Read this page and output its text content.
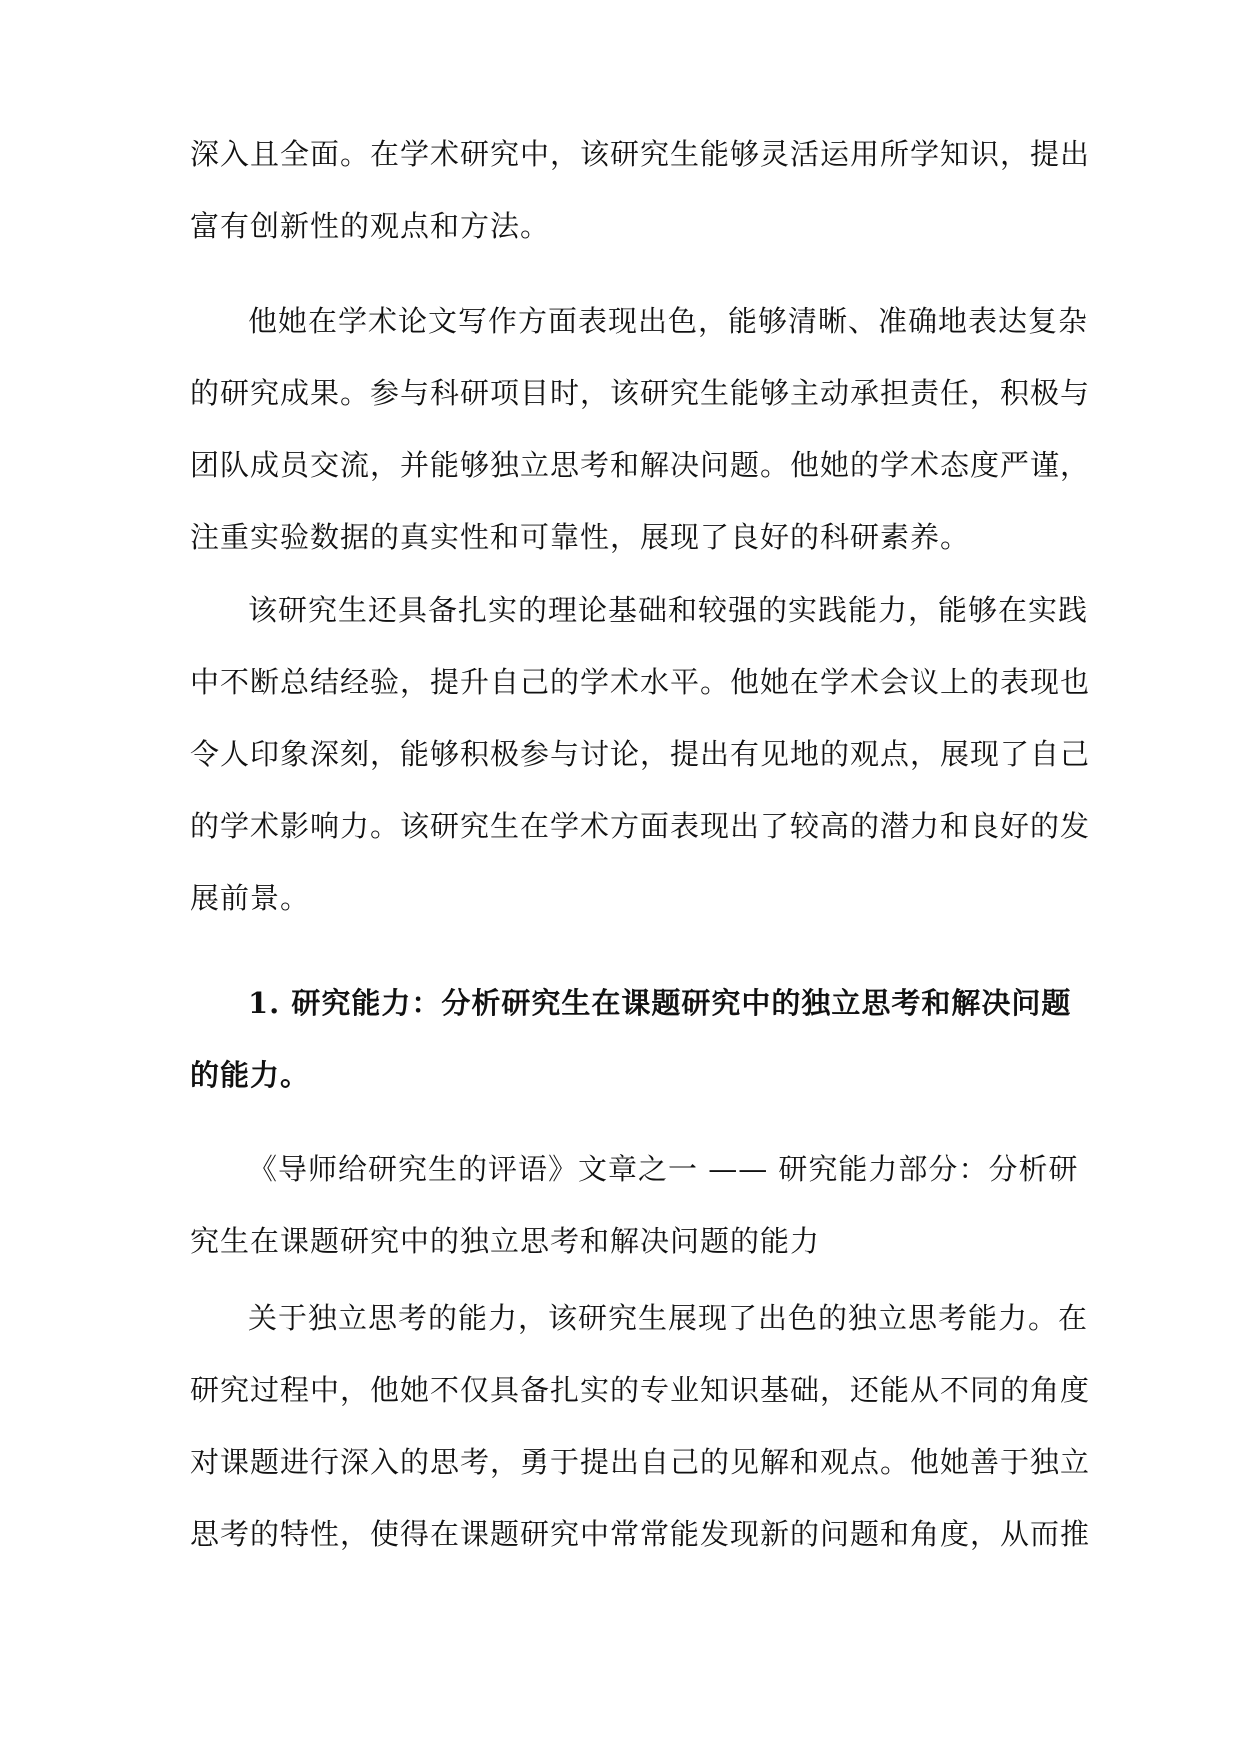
深入且全面。在学术研究中，该研究生能够灵活运用所学知识，提出
富有创新性的观点和方法。
他她在学术论文写作方面表现出色，能够清晰、准确地表达复杂
的研究成果。参与科研项目时，该研究生能够主动承担责任，积极与
团队成员交流，并能够独立思考和解决问题。他她的学术态度严谨，
注重实验数据的真实性和可靠性，展现了良好的科研素养。
该研究生还具备扎实的理论基础和较强的实践能力，能够在实践
中不断总结经验，提升自己的学术水平。他她在学术会议上的表现也
令人印象深刻，能够积极参与讨论，提出有见地的观点，展现了自己
的学术影响力。该研究生在学术方面表现出了较高的潜力和良好的发
展前景。
1. 研究能力：分析研究生在课题研究中的独立思考和解决问题
的能力。
《导师给研究生的评语》文章之一 —— 研究能力部分：分析研
究生在课题研究中的独立思考和解决问题的能力
关于独立思考的能力，该研究生展现了出色的独立思考能力。在
研究过程中，他她不仅具备扎实的专业知识基础，还能从不同的角度
对课题进行深入的思考，勇于提出自己的见解和观点。他她善于独立
思考的特性，使得在课题研究中常常能发现新的问题和角度，从而推
